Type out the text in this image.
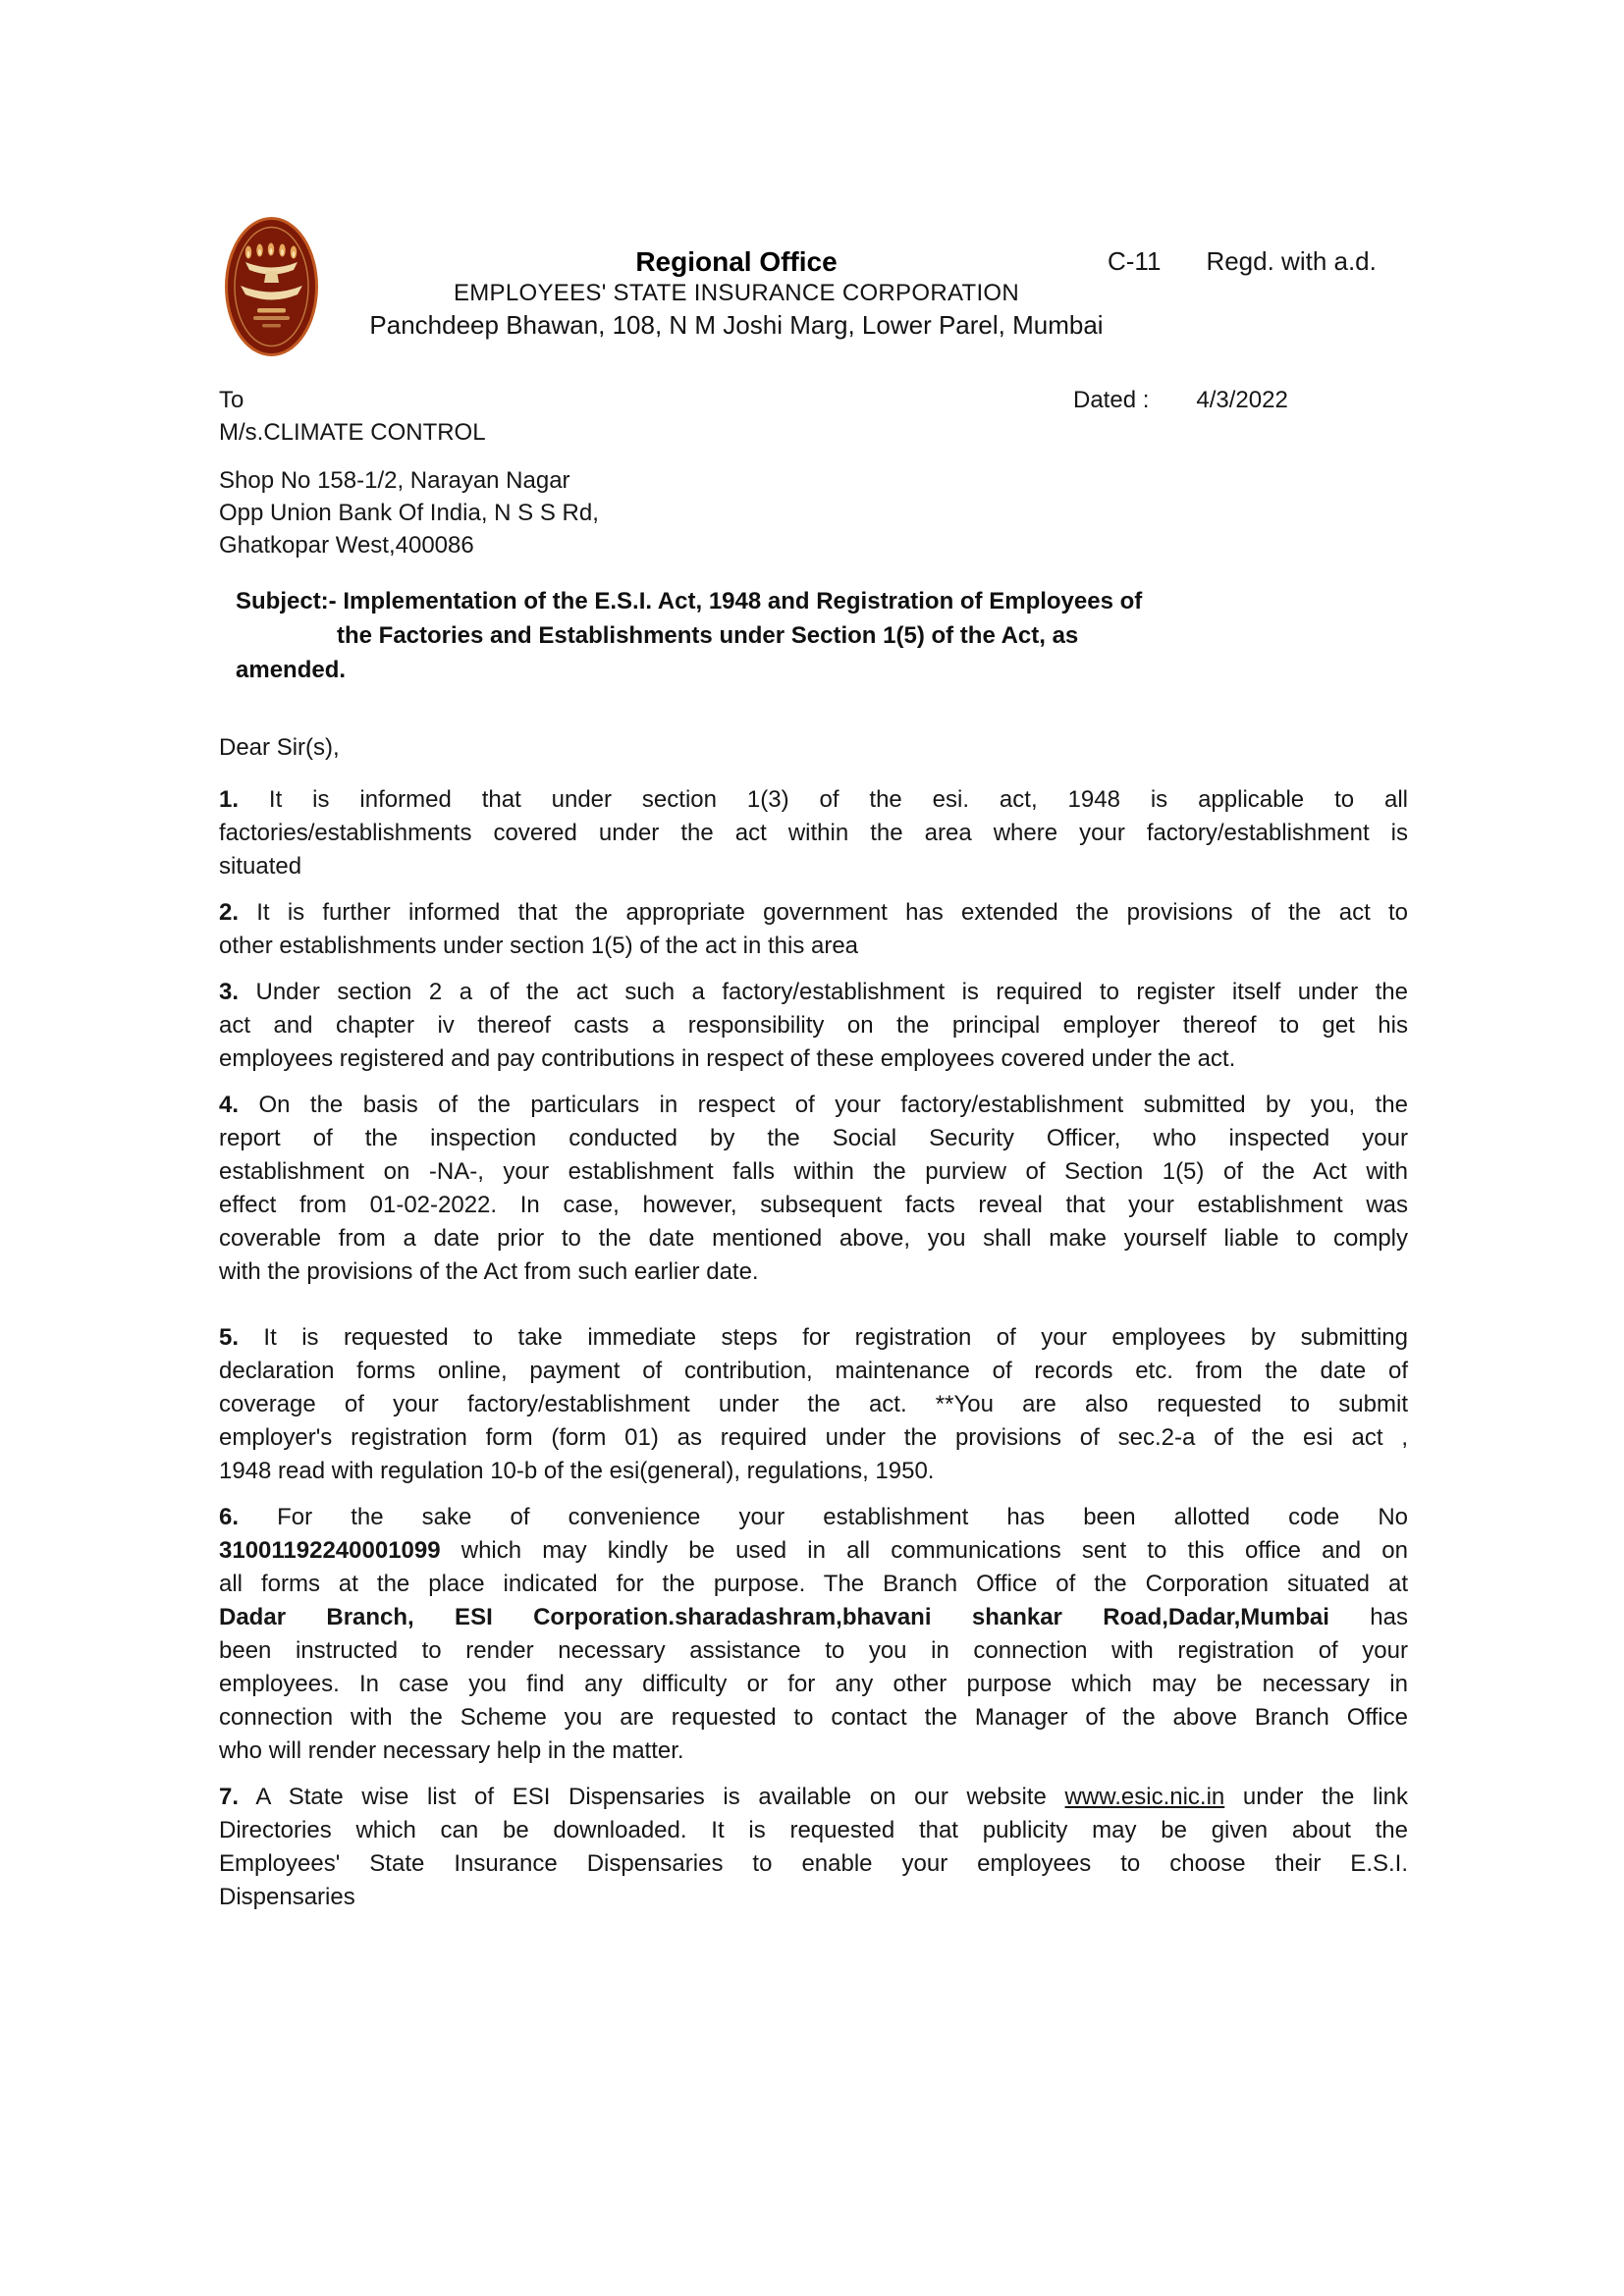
Regional Office
EMPLOYEES' STATE INSURANCE CORPORATION
Panchdeep Bhawan, 108, N M Joshi Marg, Lower Parel, Mumbai
C-11 Regd. with a.d.
To
M/s.CLIMATE CONTROL
Shop No 158-1/2, Narayan Nagar
Opp Union Bank Of India, N S S Rd,
Ghatkopar West,400086
Dated : 4/3/2022
Subject:- Implementation of the E.S.I. Act, 1948 and Registration of Employees of
the Factories and Establishments under Section 1(5) of the Act, as
amended.
Dear Sir(s),
1. It is informed that under section 1(3) of the esi. act, 1948 is applicable to all
factories/establishments covered under the act within the area where your factory/establishment is
situated
2. It is further informed that the appropriate government has extended the provisions of the act to
other establishments under section 1(5) of the act in this area
3. Under section 2 a of the act such a factory/establishment is required to register itself under the
act and chapter iv thereof casts a responsibility on the principal employer thereof to get his
employees registered and pay contributions in respect of these employees covered under the act.
4. On the basis of the particulars in respect of your factory/establishment submitted by you, the
report of the inspection conducted by the Social Security Officer, who inspected your
establishment on -NA-, your establishment falls within the purview of Section 1(5) of the Act with
effect from 01-02-2022. In case, however, subsequent facts reveal that your establishment was
coverable from a date prior to the date mentioned above, you shall make yourself liable to comply
with the provisions of the Act from such earlier date.
5. It is requested to take immediate steps for registration of your employees by submitting
declaration forms online, payment of contribution, maintenance of records etc. from the date of
coverage of your factory/establishment under the act. **You are also requested to submit
employer's registration form (form 01) as required under the provisions of sec.2-a of the esi act ,
1948 read with regulation 10-b of the esi(general), regulations, 1950.
6. For the sake of convenience your establishment has been allotted code No
31001192240001099 which may kindly be used in all communications sent to this office and on
all forms at the place indicated for the purpose. The Branch Office of the Corporation situated at
Dadar Branch, ESI Corporation.sharadashram,bhavani shankar Road,Dadar,Mumbai has
been instructed to render necessary assistance to you in connection with registration of your
employees. In case you find any difficulty or for any other purpose which may be necessary in
connection with the Scheme you are requested to contact the Manager of the above Branch Office
who will render necessary help in the matter.
7. A State wise list of ESI Dispensaries is available on our website www.esic.nic.in under the link
Directories which can be downloaded. It is requested that publicity may be given about the
Employees' State Insurance Dispensaries to enable your employees to choose their E.S.I.
Dispensaries
